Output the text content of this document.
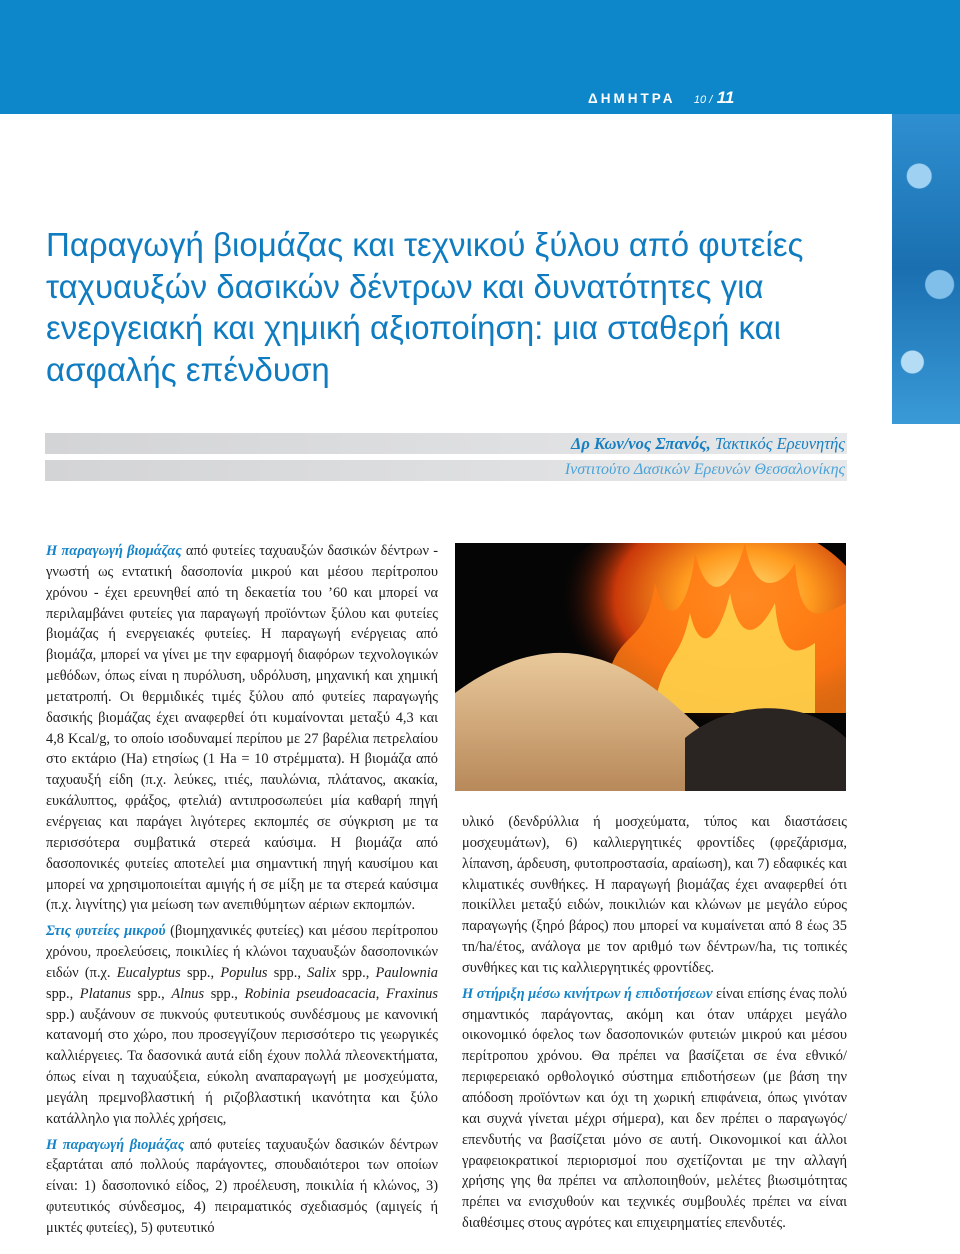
ΔΗΜΗΤΡΑ 10 / 11
Παραγωγή βιομάζας και τεχνικού ξύλου από φυτείες ταχυαυξών δασικών δέντρων και δυνατότητες για ενεργειακή και χημική αξιοποίηση: μια σταθερή και ασφαλής επένδυση
Δρ Κων/νος Σπανός, Τακτικός Ερευνητής
Ινστιτούτο Δασικών Ερευνών Θεσσαλονίκης

Η παραγωγή βιομάζας από φυτείες ταχυαυξών δασικών δέντρων - γνωστή ως εντατική δασοπονία μικρού και μέσου περίτροπου χρόνου - έχει ερευνηθεί από τη δεκαετία του ’60 και μπορεί να περιλαμβάνει φυτείες για παραγωγή προϊόντων ξύλου και φυτείες βιομάζας ή ενεργειακές φυτείες. Η παραγωγή ενέργειας από βιομάζα, μπορεί να γίνει με την εφαρμογή διαφόρων τεχνολογικών μεθόδων, όπως είναι η πυρόλυση, υδρόλυση, μηχανική και χημική μετατροπή. Οι θερμιδικές τιμές ξύλου από φυτείες παραγωγής δασικής βιομάζας έχει αναφερθεί ότι κυμαίνονται μεταξύ 4,3 και 4,8 Kcal/g, το οποίο ισοδυναμεί περίπου με 27 βαρέλια πετρελαίου στο εκτάριο (Ha) ετησίως (1 Ha = 10 στρέμματα). Η βιομάζα από ταχυαυξή είδη (π.χ. λεύκες, ιτιές, παυλώνια, πλάτανος, ακακία, ευκάλυπτος, φράξος, φτελιά) αντιπροσωπεύει μία καθαρή πηγή ενέργειας και παράγει λιγότερες εκπομπές σε σύγκριση με τα περισσότερα συμβατικά στερεά καύσιμα. Η βιομάζα από δασοπονικές φυτείες αποτελεί μια σημαντική πηγή καυσίμου και μπορεί να χρησιμοποιείται αμιγής ή σε μίξη με τα στερεά καύσιμα (π.χ. λιγνίτης) για μείωση των ανεπιθύμητων αέριων εκπομπών.

Στις φυτείες μικρού (βιομηχανικές φυτείες) και μέσου περίτροπου χρόνου, προελεύσεις, ποικιλίες ή κλώνοι ταχυαυξών δασοπονικών ειδών (π.χ. Eucalyptus spp., Populus spp., Salix spp., Paulownia spp., Platanus spp., Alnus spp., Robinia pseudoacacia, Fraxinus spp.) αυξάνουν σε πυκνούς φυτευτικούς συνδέσμους με κανονική κατανομή στο χώρο, που προσεγγίζουν περισσότερο τις γεωργικές καλλιέργειες. Τα δασονικά αυτά είδη έχουν πολλά πλεονεκτήματα, όπως είναι η ταχυαύξεια, εύκολη αναπαραγωγή με μοσχεύματα, μεγάλη πρεμνοβλαστική ή ριζοβλαστική ικανότητα και ξύλο κατάλληλο για πολλές χρήσεις,

Η παραγωγή βιομάζας από φυτείες ταχυαυξών δασικών δέντρων εξαρτάται από πολλούς παράγοντες, σπουδαιότεροι των οποίων είναι: 1) δασοπονικό είδος, 2) προέλευση, ποικιλία ή κλώνος, 3) φυτευτικός σύνδεσμος, 4) πειραματικός σχεδιασμός (αμιγείς ή μικτές φυτείες), 5) φυτευτικό

υλικό (δενδρύλλια ή μοσχεύματα, τύπος και διαστάσεις μοσχευμάτων), 6) καλλιεργητικές φροντίδες (φρεζάρισμα, λίπανση, άρδευση, φυτοπροστασία, αραίωση), και 7) εδαφικές και κλιματικές συνθήκες. Η παραγωγή βιομάζας έχει αναφερθεί ότι ποικίλλει μεταξύ ειδών, ποικιλιών και κλώνων με μεγάλο εύρος παραγωγής (ξηρό βάρος) που μπορεί να κυμαίνεται από 8 έως 35 τn/ha/έτος, ανάλογα με τον αριθμό των δέντρων/ha, τις τοπικές συνθήκες και τις καλλιεργητικές φροντίδες.

Η στήριξη μέσω κινήτρων ή επιδοτήσεων είναι επίσης ένας πολύ σημαντικός παράγοντας, ακόμη και όταν υπάρχει μεγάλο οικονομικό όφελος των δασοπονικών φυτειών μικρού και μέσου περίτροπου χρόνου. Θα πρέπει να βασίζεται σε ένα εθνικό/περιφερειακό ορθολογικό σύστημα επιδοτήσεων (με βάση την απόδοση προϊόντων και όχι τη χωρική επιφάνεια, όπως γινόταν και συχνά γίνεται μέχρι σήμερα), και δεν πρέπει ο παραγωγός/επενδυτής να βασίζεται μόνο σε αυτή. Οικονομικοί και άλλοι γραφειοκρατικοί περιορισμοί που σχετίζονται με την αλλαγή χρήσης γης θα πρέπει να απλοποιηθούν, μελέτες βιωσιμότητας πρέπει να ενισχυθούν και τεχνικές συμβουλές πρέπει να είναι διαθέσιμες στους αγρότες και επιχειρηματίες επενδυτές.
